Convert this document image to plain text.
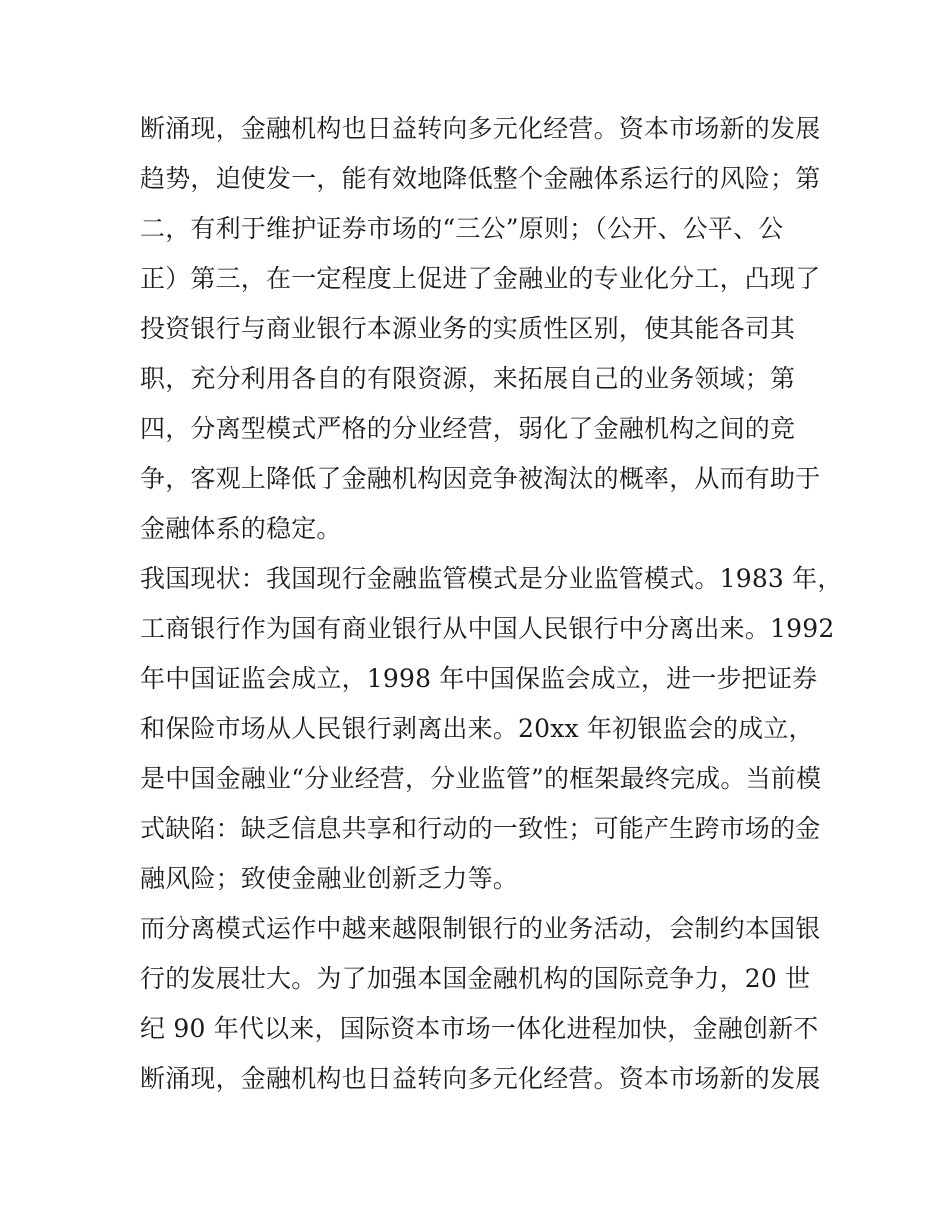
断涌现，金融机构也日益转向多元化经营。资本市场新的发展
趋势，迫使发一，能有效地降低整个金融体系运行的风险；第
二，有利于维护证券市场的“三公”原则；（公开、公平、公
正）第三，在一定程度上促进了金融业的专业化分工，凸现了
投资银行与商业银行本源业务的实质性区别，使其能各司其
职，充分利用各自的有限资源，来拓展自己的业务领域；第
四，分离型模式严格的分业经营，弱化了金融机构之间的竞
争，客观上降低了金融机构因竞争被淘汰的概率，从而有助于
金融体系的稳定。
我国现状：我国现行金融监管模式是分业监管模式。1983 年，
工商银行作为国有商业银行从中国人民银行中分离出来。1992
年中国证监会成立，1998 年中国保监会成立，进一步把证券
和保险市场从人民银行剥离出来。20xx 年初银监会的成立，
是中国金融业“分业经营，分业监管”的框架最终完成。当前模
式缺陷：缺乏信息共享和行动的一致性；可能产生跨市场的金
融风险；致使金融业创新乏力等。
而分离模式运作中越来越限制银行的业务活动，会制约本国银
行的发展壮大。为了加强本国金融机构的国际竞争力，20 世
纪 90 年代以来，国际资本市场一体化进程加快，金融创新不
断涌现，金融机构也日益转向多元化经营。资本市场新的发展
